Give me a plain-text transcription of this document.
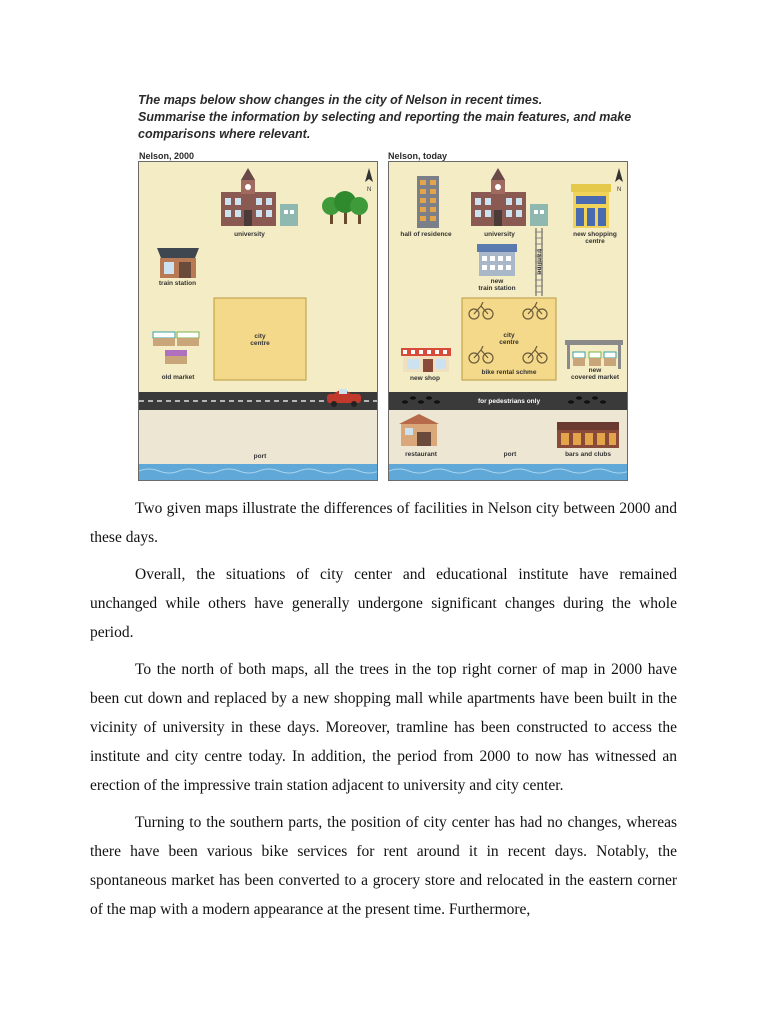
The maps below show changes in the city of Nelson in recent times.
Summarise the information by selecting and reporting the main features, and make comparisons where relevant.
Nelson, 2000	Nelson, today
N
university
train station
city
centre
old market
port
N
hall of residence	university	new shopping
centre
tramline
new
train station
city
centre
bike rental schme
new shop
new
covered market
for pedestrians only
restaurant	port	bars and clubs

Two given maps illustrate the differences of facilities in Nelson city between 2000 and these days.

Overall, the situations of city center and educational institute have remained unchanged while others have generally undergone significant changes during the whole period.

To the north of both maps, all the trees in the top right corner of map in 2000 have been cut down and replaced by a new shopping mall while apartments have been built in the vicinity of university in these days. Moreover, tramline has been constructed to access the institute and city centre today. In addition, the period from 2000 to now has witnessed an erection of the impressive train station adjacent to university and city center.

Turning to the southern parts, the position of city center has had no changes, whereas there have been various bike services for rent around it in recent days. Notably, the spontaneous market has been converted to a grocery store and relocated in the eastern corner of the map with a modern appearance at the present time. Furthermore,
